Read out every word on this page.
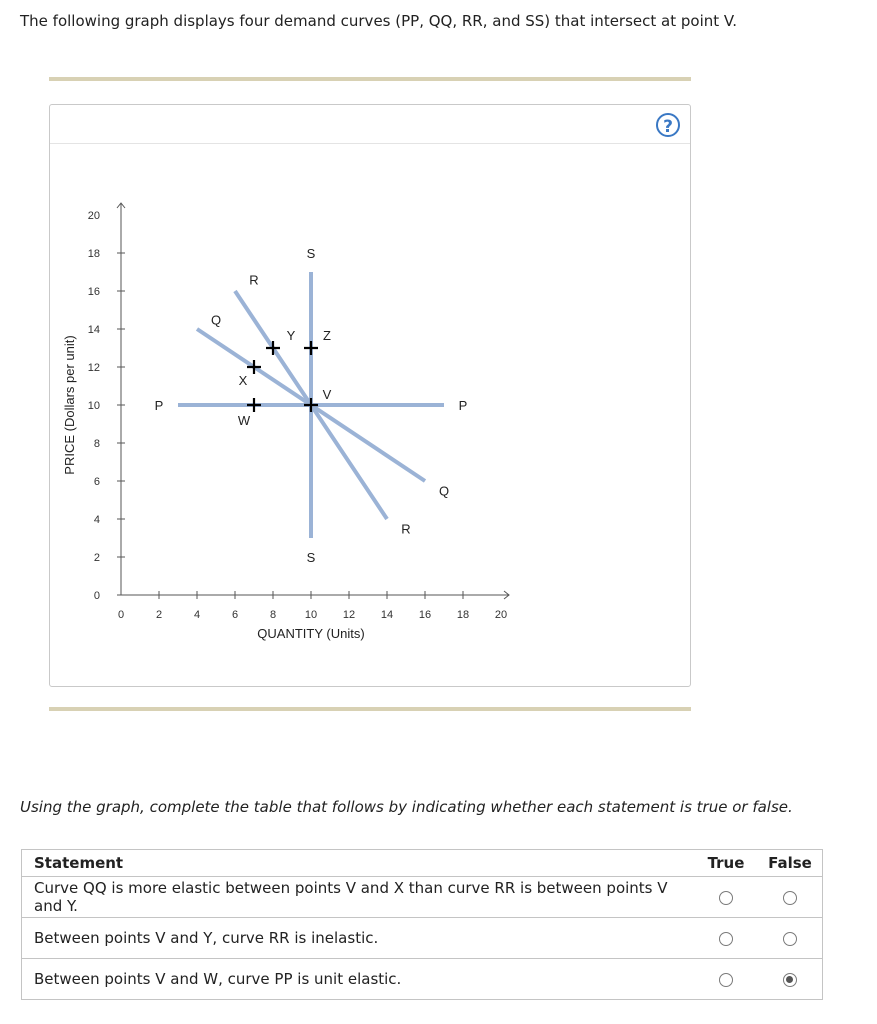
The following graph displays four demand curves (PP, QQ, RR, and SS) that intersect at point V.
?
0
2
4
6
8
10
12
14
16
18
20
0	2	4	6	8	10 12 14 16 18 20
QUANTITY (Units)
PRICE (Dollars per unit)	P	P
Q
Q
R
R
S
S
V
W
X
Y Z
Using the graph, complete the table that follows by indicating whether each statement is true or false.
Statement	True	False
Curve QQ is more elastic between points V and X than curve RR is between points V and Y.		
Between points V and Y, curve RR is inelastic.		
Between points V and W, curve PP is unit elastic.		
